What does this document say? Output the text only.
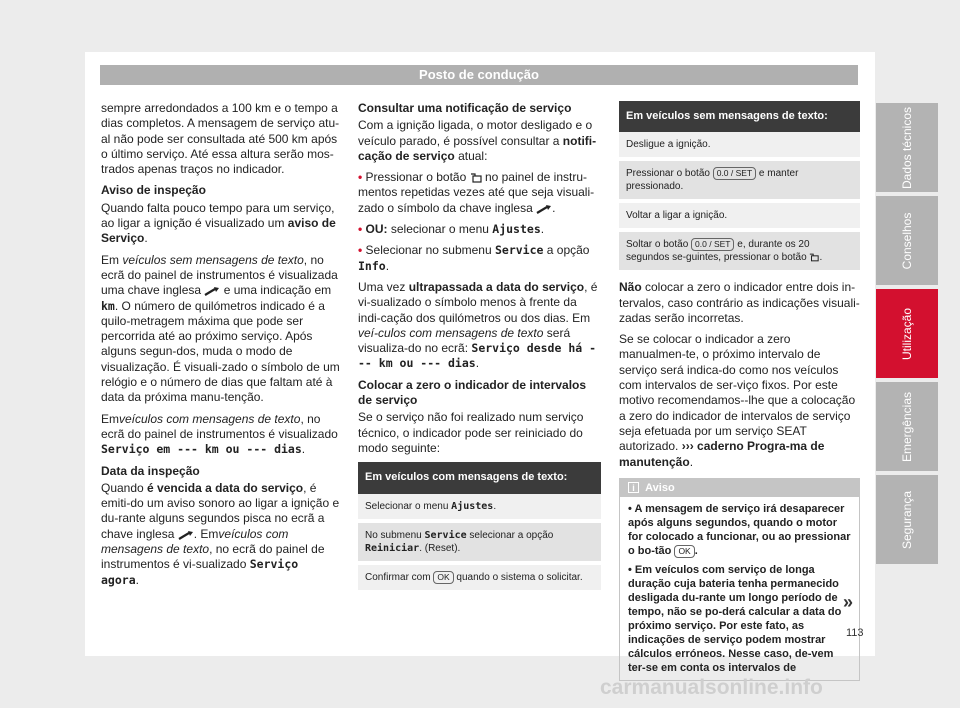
Posto de condução

sempre arredondados a 100 km e o tempo a dias completos. A mensagem de serviço atu-al não pode ser consultada até 500 km após o último serviço. Até essa altura serão mos-trados apenas traços no indicador.

Aviso de inspeção

Quando falta pouco tempo para um serviço, ao ligar a ignição é visualizado um aviso de Serviço.

Em veículos sem mensagens de texto, no ecrã do painel de instrumentos é visualizada uma chave inglesa  e uma indicação em km. O número de quilómetros indicado é a quilo-metragem máxima que pode ser percorrida até ao próximo serviço. Após alguns segun-dos, muda o modo de visualização. É visuali-zado o símbolo de um relógio e o número de dias que faltam até à data da próxima manu-tenção.

Emveículos com mensagens de texto, no ecrã do painel de instrumentos é visualizado Serviço em --- km ou --- dias.

Data da inspeção

Quando é vencida a data do serviço, é emiti-do um aviso sonoro ao ligar a ignição e du-rante alguns segundos pisca no ecrã a chave inglesa . Emveículos com mensagens de texto, no ecrã do painel de instrumentos é vi-sualizado Serviço agora.

Consultar uma notificação de serviço

Com a ignição ligada, o motor desligado e o veículo parado, é possível consultar a notifi-cação de serviço atual:

• Pressionar o botão  no painel de instru-mentos repetidas vezes até que seja visuali-zado o símbolo da chave inglesa .

• OU: selecionar o menu Ajustes.

• Selecionar no submenu Service a opção Info.

Uma vez ultrapassada a data do serviço, é vi-sualizado o símbolo menos à frente da indi-cação dos quilómetros ou dos dias. Em veí-culos com mensagens de texto será visualiza-do no ecrã: Serviço desde há --- km ou --- dias.

Colocar a zero o indicador de intervalos de serviço

Se o serviço não foi realizado num serviço técnico, o indicador pode ser reiniciado do modo seguinte:

Em veículos com mensagens de texto:
Selecionar o menu Ajustes.

No submenu Service selecionar a opção Reiniciar. (Reset).

Confirmar com OK quando o sistema o solicitar.
Em veículos sem mensagens de texto:
Desligue a ignição.

Pressionar o botão 0.0 / SET e manter pressionado.

Voltar a ligar a ignição.

Soltar o botão 0.0 / SET e, durante os 20 segundos se-guintes, pressionar o botão .

Não colocar a zero o indicador entre dois in-tervalos, caso contrário as indicações visuali-zadas serão incorretas.

Se se colocar o indicador a zero manualmen-te, o próximo intervalo de serviço será indica-do como nos veículos com intervalos de ser-viço fixos. Por este motivo recomendamos--lhe que a colocação a zero do indicador de intervalos de serviço seja efetuada por um serviço SEAT autorizado. ››› caderno Progra-ma de manutenção.

i Aviso

• A mensagem de serviço irá desaparecer após alguns segundos, quando o motor for colocado a funcionar, ou ao pressionar o bo-tão OK .

• Em veículos com serviço de longa duração cuja bateria tenha permanecido desligada du-rante um longo período de tempo, não se po-derá calcular a data do próximo serviço. Por este fato, as indicações de serviço podem mostrar cálculos erróneos. Nesse caso, de-vem ter-se em conta os intervalos de

»
113
Dados técnicos
Conselhos
Utilização
Emergências
Segurança
carmanualsonline.info
